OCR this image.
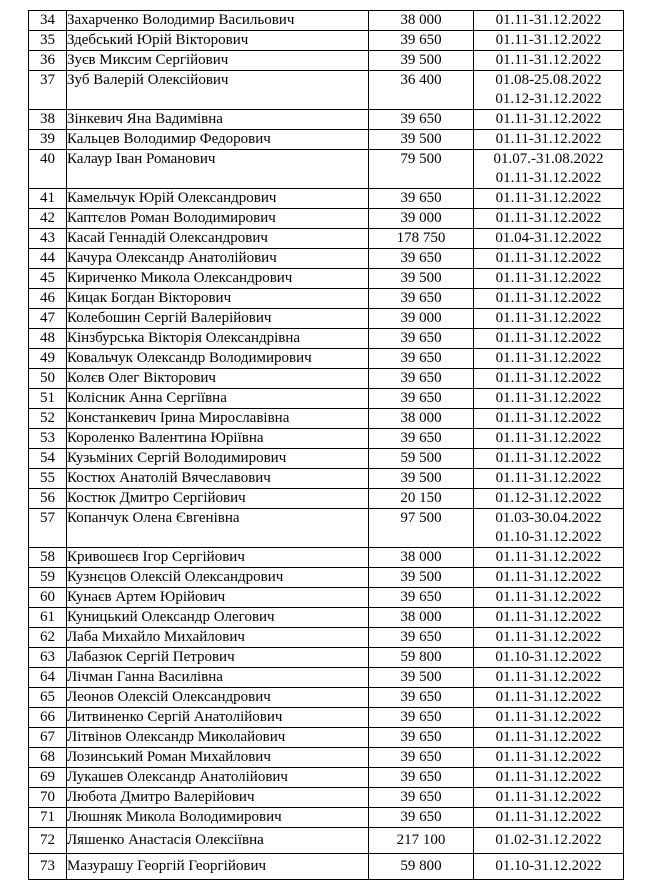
34	Захарченко Володимир Васильович	38 000	01.11-31.12.2022

35	Здебський Юрій Вікторович	39 650	01.11-31.12.2022

36	Зуєв Миксим Сергійович	39 500	01.11-31.12.2022

37	Зуб Валерій Олексійович	36 400	01.08-25.08.2022
01.12-31.12.2022

38	Зінкевич Яна Вадимівна	39 650	01.11-31.12.2022

39	Кальцев Володимир Федорович	39 500	01.11-31.12.2022

40	Калаур Іван Романович	79 500	01.07.-31.08.2022
01.11-31.12.2022

41	Камельчук Юрій Олександрович	39 650	01.11-31.12.2022

42	Каптєлов Роман Володимирович	39 000	01.11-31.12.2022

43	Касай Геннадій Олександрович	178 750	01.04-31.12.2022

44	Качура Олександр Анатолійович	39 650	01.11-31.12.2022

45	Кириченко Микола Олександрович	39 500	01.11-31.12.2022

46	Кицак Богдан Вікторович	39 650	01.11-31.12.2022

47	Колебошин Сергій Валерійович	39 000	01.11-31.12.2022

48	Кінзбурська Вікторія Олександрівна	39 650	01.11-31.12.2022

49	Ковальчук Олександр Володимирович	39 650	01.11-31.12.2022

50	Колєв Олег Вікторович	39 650	01.11-31.12.2022

51	Колісник Анна Сергіївна	39 650	01.11-31.12.2022

52	Констанкевич Ірина Мирославівна	38 000	01.11-31.12.2022

53	Короленко Валентина Юріївна	39 650	01.11-31.12.2022

54	Кузьміних Сергій Володимирович	59 500	01.11-31.12.2022

55	Костюх Анатолій Вячеславович	39 500	01.11-31.12.2022

56	Костюк Дмитро Сергійович	20 150	01.12-31.12.2022

57	Копанчук Олена Євгенівна	97 500	01.03-30.04.2022
01.10-31.12.2022

58	Кривошеєв Ігор Сергійович	38 000	01.11-31.12.2022

59	Кузнєцов Олексій Олександрович	39 500	01.11-31.12.2022

60	Кунаєв Артем Юрійович	39 650	01.11-31.12.2022

61	Куницький Олександр Олегович	38 000	01.11-31.12.2022

62	Лаба Михайло Михайлович	39 650	01.11-31.12.2022

63	Лабазюк Сергій Петрович	59 800	01.10-31.12.2022

64	Лічман Ганна Василівна	39 500	01.11-31.12.2022

65	Леонов Олексій Олександрович	39 650	01.11-31.12.2022

66	Литвиненко Сергій Анатолійович	39 650	01.11-31.12.2022

67	Літвінов Олександр Миколайович	39 650	01.11-31.12.2022

68	Лозинський Роман Михайлович	39 650	01.11-31.12.2022

69	Лукашев Олександр Анатолійович	39 650	01.11-31.12.2022

70	Любота Дмитро Валерійович	39 650	01.11-31.12.2022

71	Люшняк Микола Володимирович	39 650	01.11-31.12.2022

72	Ляшенко Анастасія Олексіївна	217 100	01.02-31.12.2022

73	Мазурашу Георгій Георгійович	59 800	01.10-31.12.2022
